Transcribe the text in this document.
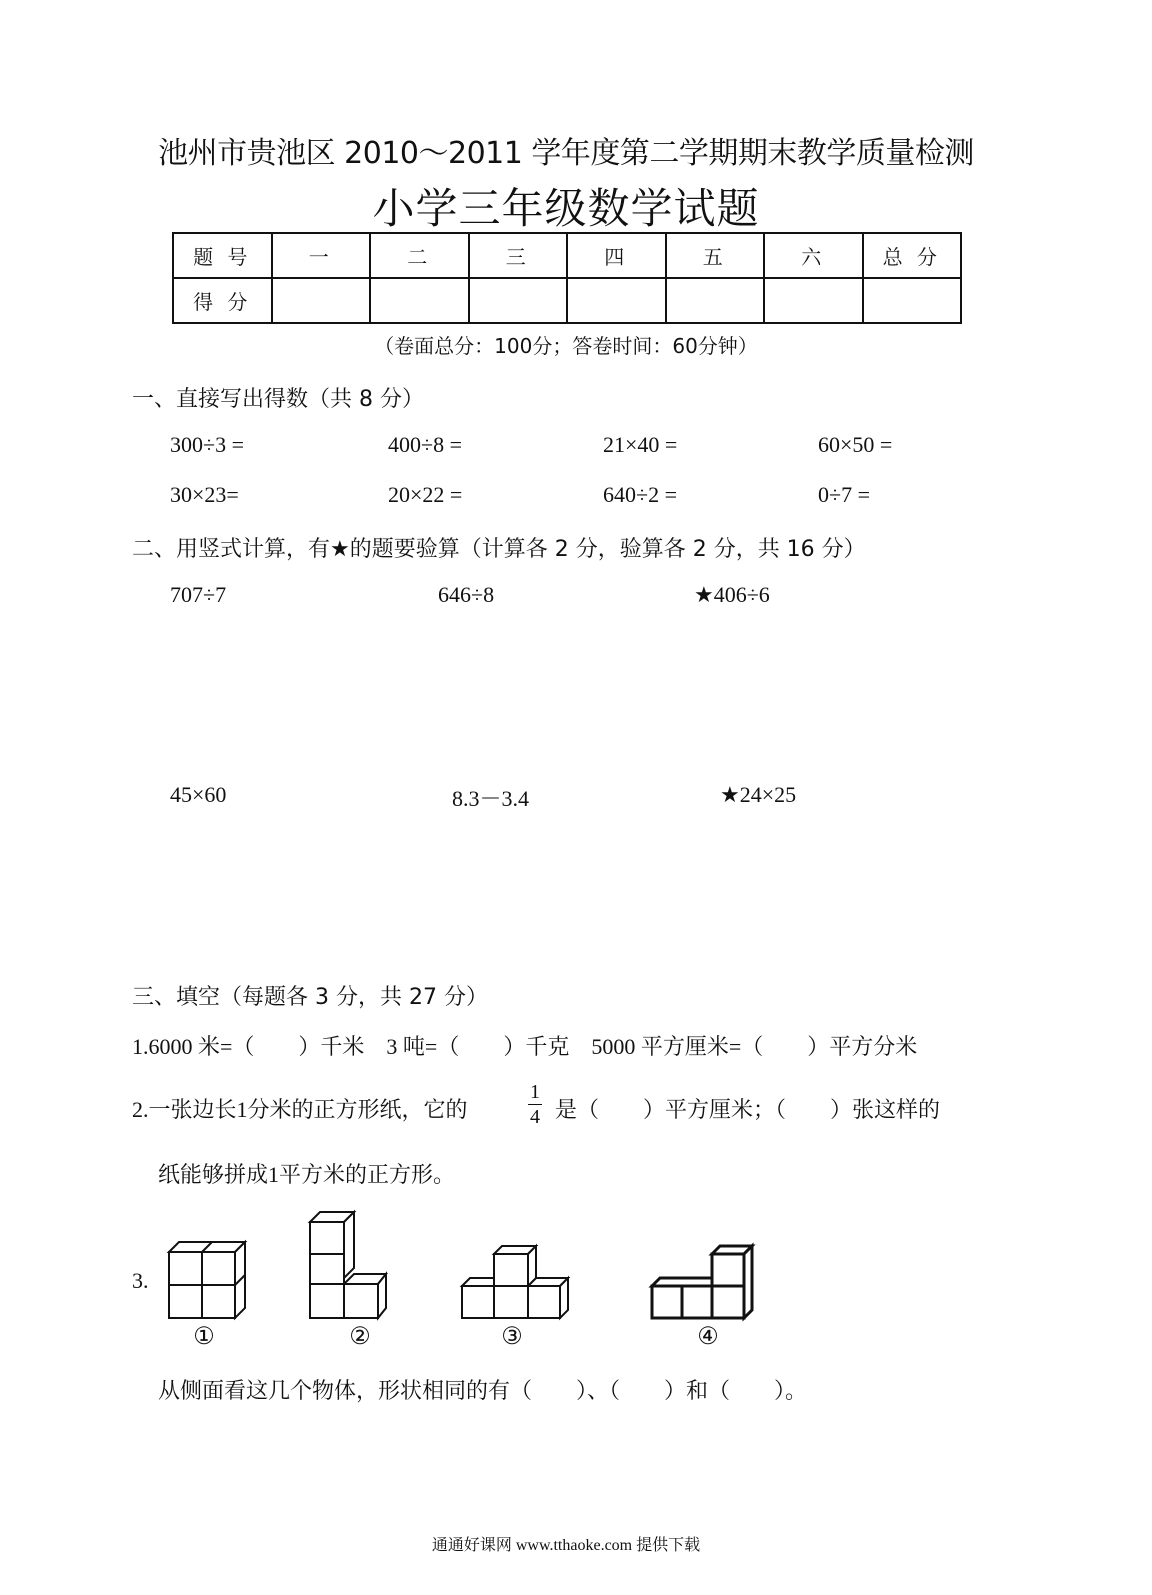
池州市贵池区 2010～2011 学年度第二学期期末教学质量检测
小学三年级数学试题
题 号	一	二	三	四	五	六	总 分
得 分							
（卷面总分：100分；答卷时间：60分钟）
一、直接写出得数（共 8 分）
300÷3 =	400÷8 =	21×40 =	60×50 =
30×23=	20×22 =	640÷2 =	0÷7 =
二、用竖式计算，有★的题要验算（计算各 2 分，验算各 2 分，共 16 分）
707÷7	646÷8	★406÷6
45×60	8.3－3.4	★24×25
三、填空（每题各 3 分，共 27 分）
1.6000 米=（　　）千米　3 吨=（　　）千克　5000 平方厘米=（　　）平方分米
2.一张边长1分米的正方形纸，它的
1
4 是（　　）平方厘米；（　　）张这样的
纸能够拼成1平方米的正方形。
3.
①	②	③	④
从侧面看这几个物体，形状相同的有（　　）、（　　）和（　　）。
通通好课网 www.tthaoke.com 提供下载
